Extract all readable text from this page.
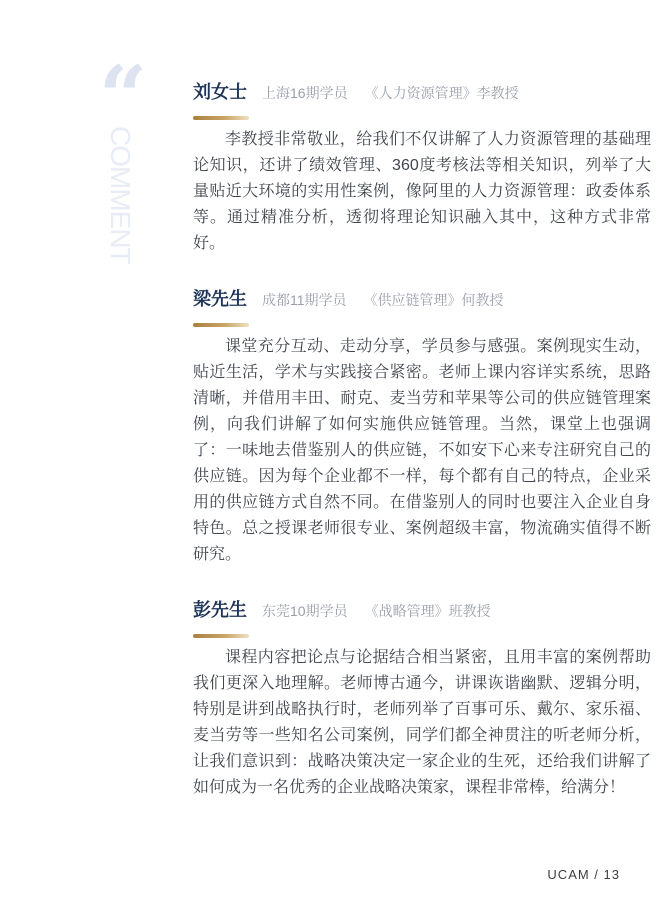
“
COMMENT
刘女士 上海16期学员 《人力资源管理》李教授

李教授非常敬业，给我们不仅讲解了人力资源管理的基础理论知识，还讲了绩效管理、360度考核法等相关知识，列举了大量贴近大环境的实用性案例，像阿里的人力资源管理：政委体系等。通过精准分析，透彻将理论知识融入其中，这种方式非常好。

梁先生 成都11期学员 《供应链管理》何教授

课堂充分互动、走动分享，学员参与感强。案例现实生动，贴近生活，学术与实践接合紧密。老师上课内容详实系统，思路清晰，并借用丰田、耐克、麦当劳和苹果等公司的供应链管理案例，向我们讲解了如何实施供应链管理。当然，课堂上也强调了：一味地去借鉴别人的供应链，不如安下心来专注研究自己的供应链。因为每个企业都不一样，每个都有自己的特点，企业采用的供应链方式自然不同。在借鉴别人的同时也要注入企业自身特色。总之授课老师很专业、案例超级丰富，物流确实值得不断研究。

彭先生 东莞10期学员 《战略管理》班教授

课程内容把论点与论据结合相当紧密，且用丰富的案例帮助我们更深入地理解。老师博古通今，讲课诙谐幽默、逻辑分明，特别是讲到战略执行时，老师列举了百事可乐、戴尔、家乐福、麦当劳等一些知名公司案例，同学们都全神贯注的听老师分析，让我们意识到：战略决策决定一家企业的生死，还给我们讲解了如何成为一名优秀的企业战略决策家，课程非常棒，给满分！

UCAM / 13
